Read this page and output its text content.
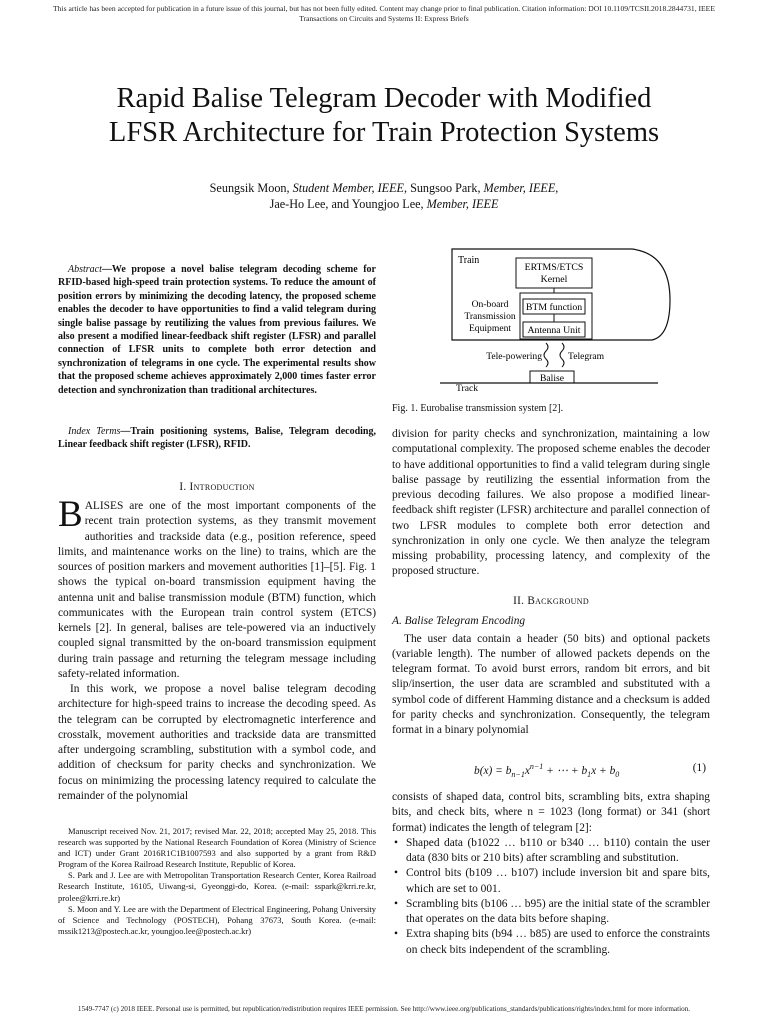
This article has been accepted for publication in a future issue of this journal, but has not been fully edited. Content may change prior to final publication. Citation information: DOI 10.1109/TCSII.2018.2844731, IEEE
Transactions on Circuits and Systems II: Express Briefs
Rapid Balise Telegram Decoder with Modified
LFSR Architecture for Train Protection Systems
Seungsik Moon, Student Member, IEEE, Sungsoo Park, Member, IEEE,
Jae-Ho Lee, and Youngjoo Lee, Member, IEEE
Abstract—We propose a novel balise telegram decoding scheme for RFID-based high-speed train protection systems. To reduce the amount of position errors by minimizing the decoding latency, the proposed scheme enables the decoder to have opportunities to find a valid telegram during single balise passage by reutilizing the values from previous failures. We also present a modified linear-feedback shift register (LFSR) and parallel connection of LFSR units to complete both error detection and synchronization of telegrams in one cycle. The experimental results show that the proposed scheme achieves approximately 2,000 times faster error detection and synchronization than traditional architectures.
Index Terms—Train positioning systems, Balise, Telegram decoding, Linear feedback shift register (LFSR), RFID.
I. Introduction

BALISES are one of the most important components of the recent train protection systems, as they transmit movement authorities and trackside data (e.g., position reference, speed limits, and maintenance works on the line) to trains, which are the sources of position markers and movement authorities [1]–[5]. Fig. 1 shows the typical on-board transmission equipment having the antenna unit and balise transmission module (BTM) function, which communicates with the European train control system (ETCS) kernels [2]. In general, balises are tele-powered via an inductively coupled signal transmitted by the on-board transmission equipment during train passage and returning the telegram message including safety-related information.

In this work, we propose a novel balise telegram decoding architecture for high-speed trains to increase the decoding speed. As the telegram can be corrupted by electromagnetic interference and crosstalk, movement authorities and trackside data are transmitted after undergoing scrambling, substitution with a symbol code, and addition of checksum for parity checks and synchronization. We focus on minimizing the processing latency required to calculate the remainder of the polynomial

Manuscript received Nov. 21, 2017; revised Mar. 22, 2018; accepted May 25, 2018. This research was supported by the National Research Foundation of Korea (Ministry of Science and ICT) under Grant 2016R1C1B1007593 and also supported by a grant from R&D Program of the Korea Railroad Research Institute, Republic of Korea.

S. Park and J. Lee are with Metropolitan Transportation Research Center, Korea Railroad Research Institute, 16105, Uiwang-si, Gyeonggi-do, Korea. (e-mail: sspark@krri.re.kr, prolee@krri.re.kr)

S. Moon and Y. Lee are with the Department of Electrical Engineering, Pohang University of Science and Technology (POSTECH), Pohang 37673, South Korea. (e-mail: mssik1213@postech.ac.kr, youngjoo.lee@postech.ac.kr)

Train
ERTMS/ETCS
Kernel
BTM function
Antenna Unit
On-board
Transmission
Equipment
Tele-powering	Telegram
Balise
Track
Fig. 1. Eurobalise transmission system [2].

division for parity checks and synchronization, maintaining a low computational complexity. The proposed scheme enables the decoder to have additional opportunities to find a valid telegram during single balise passage by reutilizing the essential information from the previous decoding failures. We also propose a modified linear-feedback shift register (LFSR) architecture and parallel connection of two LFSR modules to complete both error detection and synchronization in only one cycle. We then analyze the telegram missing probability, processing latency, and complexity of the proposed structure.

II. Background
A. Balise Telegram Encoding

The user data contain a header (50 bits) and optional packets (variable length). The number of allowed packets depends on the telegram format. To avoid burst errors, random bit errors, and bit slip/insertion, the user data are scrambled and substituted with a symbol code of different Hamming distance and a checksum is added for parity checks and synchronization. Consequently, the telegram format in a binary polynomial

$b(x) = b_{n-1}x^{n-1}$ + ⋯ + $b_1x + b_0$
(1)

consists of shaped data, control bits, scrambling bits, extra shaping bits, and check bits, where n = 1023 (long format) or 341 (short format) indicates the length of telegram [2]:

• Shaped data (b1022 … b110 or b340 … b110) contain the user data (830 bits or 210 bits) after scrambling and substitution.
• Control bits (b109 … b107) include inversion bit and spare bits, which are set to 001.
• Scrambling bits (b106 … b95) are the initial state of the scrambler that operates on the data bits before shaping.
• Extra shaping bits (b94 … b85) are used to enforce the constraints on check bits independent of the scrambling.
1549-7747 (c) 2018 IEEE. Personal use is permitted, but republication/redistribution requires IEEE permission. See http://www.ieee.org/publications_standards/publications/rights/index.html for more information.
